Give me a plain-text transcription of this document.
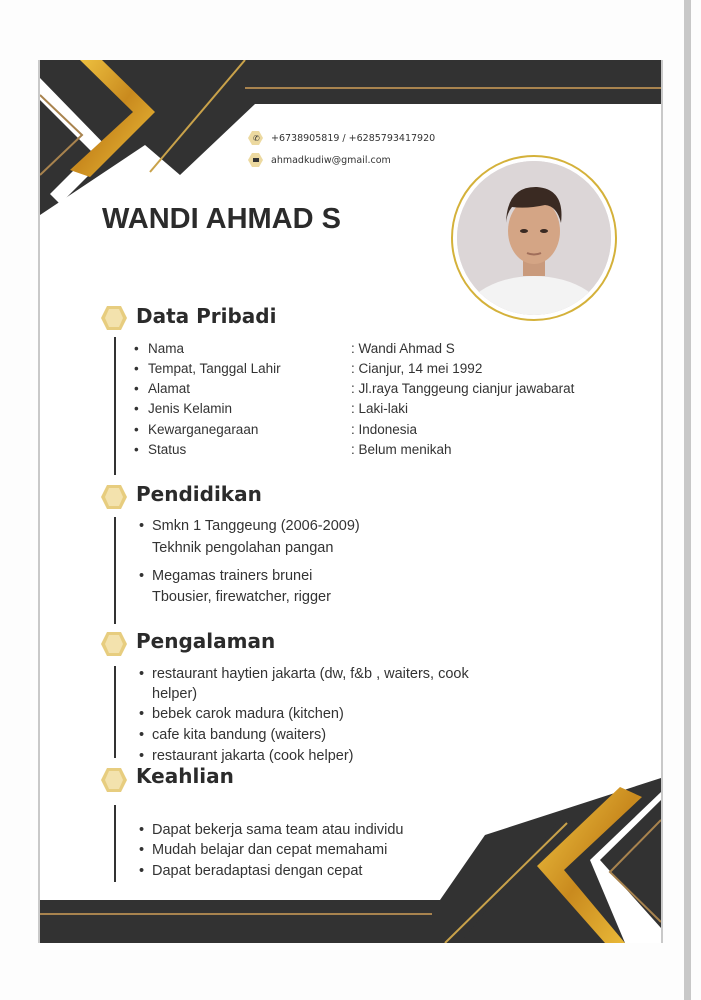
✆ +6738905819 / +6285793417920
ahmadkudiw@gmail.com
WANDI AHMAD S
Data Pribadi
• Nama	: Wandi Ahmad S
• Tempat, Tanggal Lahir	: Cianjur, 14 mei 1992
• Alamat	: Jl.raya Tanggeung cianjur jawabarat
• Jenis Kelamin	: Laki-laki
• Kewarganegaraan	: Indonesia
• Status	: Belum menikah
Pendidikan
• Smkn 1 Tanggeung (2006-2009)
Tekhnik pengolahan pangan
• Megamas trainers brunei
Tbousier, firewatcher, rigger
Pengalaman
• restaurant haytien jakarta (dw, f&b , waiters, cook
helper)
• bebek carok madura (kitchen)
• cafe kita bandung (waiters)
• restaurant jakarta (cook helper)
Keahlian
• Dapat bekerja sama team atau individu
• Mudah belajar dan cepat memahami
• Dapat beradaptasi dengan cepat
